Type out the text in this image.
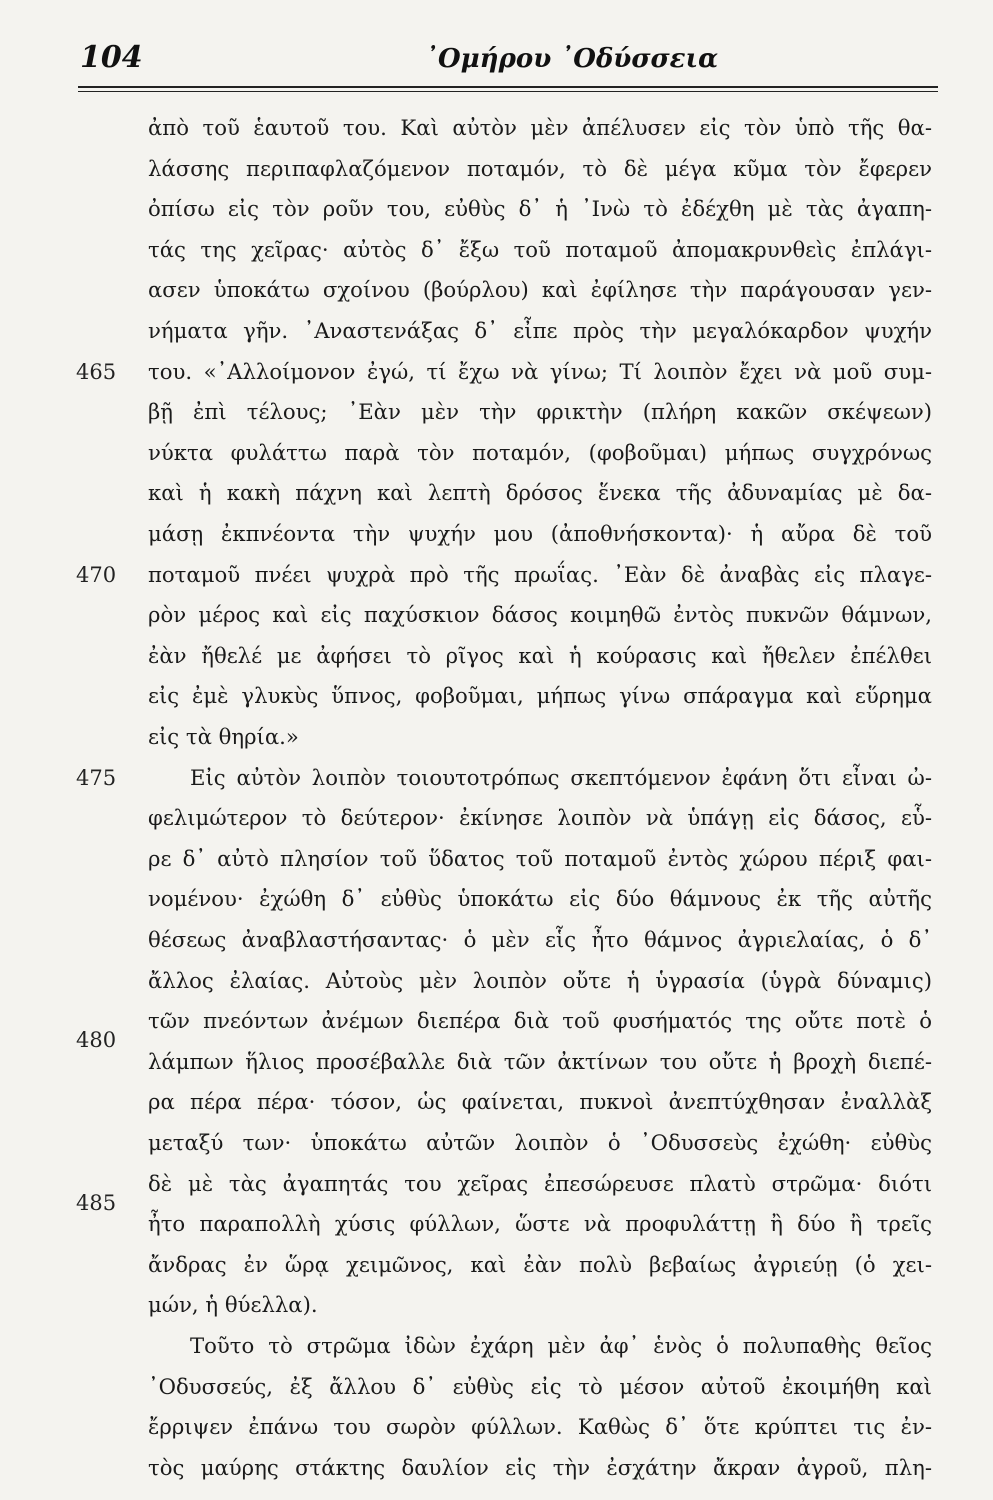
104	᾿Ομήρου ᾿Οδύσσεια
ἀπὸ τοῦ ἑαυτοῦ του. Καὶ αὐτὸν μὲν ἀπέλυσεν εἰς τὸν ὑπὸ τῆς θα-
λάσσης περιπαφλαζόμενον ποταμόν, τὸ δὲ μέγα κῦμα τὸν ἔφερεν
ὀπίσω εἰς τὸν ροῦν του, εὐθὺς δ᾿ ἡ ᾿Ινὼ τὸ ἐδέχθη μὲ τὰς ἀγαπη-
τάς της χεῖρας· αὐτὸς δ᾿ ἔξω τοῦ ποταμοῦ ἀπομακρυνθεὶς ἐπλάγι-
ασεν ὑποκάτω σχοίνου (βούρλου) καὶ ἐφίλησε τὴν παράγουσαν γεν-
νήματα γῆν. ᾿Αναστενάξας δ᾿ εἶπε πρὸς τὴν μεγαλόκαρδον ψυχήν
του. «᾿Αλλοίμονον ἐγώ, τί ἔχω νὰ γίνω; Τί λοιπὸν ἔχει νὰ μοῦ συμ-
βῇ ἐπὶ τέλους; ᾿Εὰν μὲν τὴν φρικτὴν (πλήρη κακῶν σκέψεων)
νύκτα φυλάττω παρὰ τὸν ποταμόν, (φοβοῦμαι) μήπως συγχρόνως
καὶ ἡ κακὴ πάχνη καὶ λεπτὴ δρόσος ἕνεκα τῆς ἀδυναμίας μὲ δα-
μάσῃ ἐκπνέοντα τὴν ψυχήν μου (ἀποθνήσκοντα)· ἡ αὔρα δὲ τοῦ
ποταμοῦ πνέει ψυχρὰ πρὸ τῆς πρωΐας. ᾿Εὰν δὲ ἀναβὰς εἰς πλαγε-
ρὸν μέρος καὶ εἰς παχύσκιον δάσος κοιμηθῶ ἐντὸς πυκνῶν θάμνων,
ἐὰν ἤθελέ με ἀφήσει τὸ ρῖγος καὶ ἡ κούρασις καὶ ἤθελεν ἐπέλθει
εἰς ἐμὲ γλυκὺς ὕπνος, φοβοῦμαι, μήπως γίνω σπάραγμα καὶ εὕρημα
εἰς τὰ θηρία.»
Εἰς αὐτὸν λοιπὸν τοιουτοτρόπως σκεπτόμενον ἐφάνη ὅτι εἶναι ὠ-
φελιμώτερον τὸ δεύτερον· ἐκίνησε λοιπὸν νὰ ὑπάγῃ εἰς δάσος, εὗ-
ρε δ᾿ αὐτὸ πλησίον τοῦ ὕδατος τοῦ ποταμοῦ ἐντὸς χώρου πέριξ φαι-
νομένου· ἐχώθη δ᾿ εὐθὺς ὑποκάτω εἰς δύο θάμνους ἐκ τῆς αὐτῆς
θέσεως ἀναβλαστήσαντας· ὁ μὲν εἷς ἦτο θάμνος ἀγριελαίας, ὁ δ᾿
ἄλλος ἐλαίας. Αὐτοὺς μὲν λοιπὸν οὔτε ἡ ὑγρασία (ὑγρὰ δύναμις)
τῶν πνεόντων ἀνέμων διεπέρα διὰ τοῦ φυσήματός της οὔτε ποτὲ ὁ
λάμπων ἥλιος προσέβαλλε διὰ τῶν ἀκτίνων του οὔτε ἡ βροχὴ διεπέ-
ρα πέρα πέρα· τόσον, ὡς φαίνεται, πυκνοὶ ἀνεπτύχθησαν ἐναλλὰξ
μεταξύ των· ὑποκάτω αὐτῶν λοιπὸν ὁ ᾿Οδυσσεὺς ἐχώθη· εὐθὺς
δὲ μὲ τὰς ἀγαπητάς του χεῖρας ἐπεσώρευσε πλατὺ στρῶμα· διότι
ἦτο παραπολλὴ χύσις φύλλων, ὥστε νὰ προφυλάττῃ ἢ δύο ἢ τρεῖς
ἄνδρας ἐν ὥρᾳ χειμῶνος, καὶ ἐὰν πολὺ βεβαίως ἀγριεύῃ (ὁ χει-
μών, ἡ θύελλα).
Τοῦτο τὸ στρῶμα ἰδὼν ἐχάρη μὲν ἀφ᾿ ἑνὸς ὁ πολυπαθὴς θεῖος
᾿Οδυσσεύς, ἐξ ἄλλου δ᾿ εὐθὺς εἰς τὸ μέσον αὐτοῦ ἐκοιμήθη καὶ
ἔρριψεν ἐπάνω του σωρὸν φύλλων. Καθὼς δ᾿ ὅτε κρύπτει τις ἐν-
τὸς μαύρης στάκτης δαυλίον εἰς τὴν ἐσχάτην ἄκραν ἀγροῦ, πλη-
465
470
475
480
485
